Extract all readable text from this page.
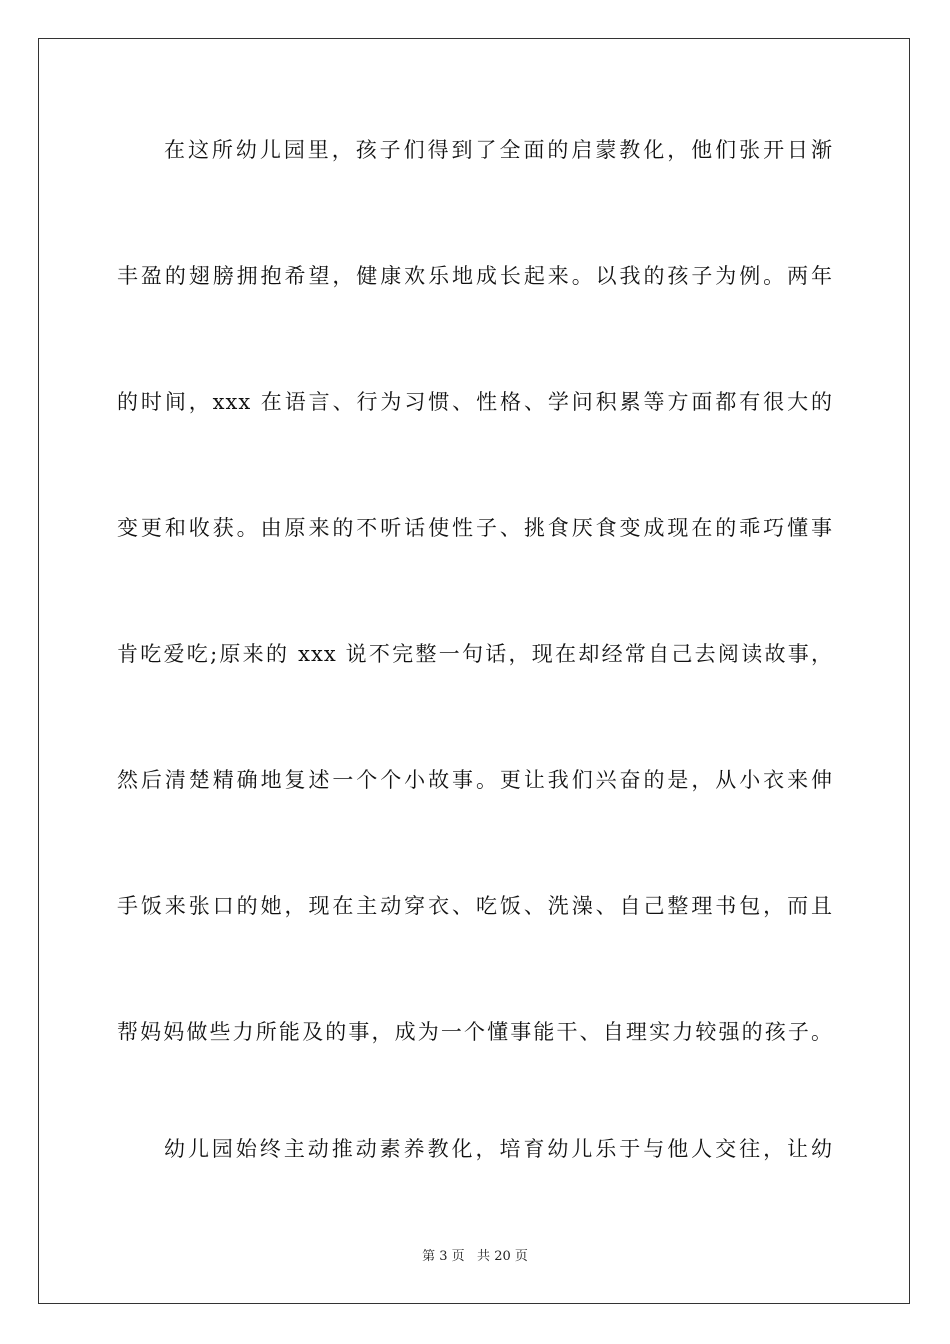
在这所幼儿园里，孩子们得到了全面的启蒙教化，他们张开日渐
丰盈的翅膀拥抱希望，健康欢乐地成长起来。以我的孩子为例。两年
的时间，xxx 在语言、行为习惯、性格、学问积累等方面都有很大的
变更和收获。由原来的不听话使性子、挑食厌食变成现在的乖巧懂事
肯吃爱吃;原来的 xxx 说不完整一句话，现在却经常自己去阅读故事，
然后清楚精确地复述一个个小故事。更让我们兴奋的是，从小衣来伸
手饭来张口的她，现在主动穿衣、吃饭、洗澡、自己整理书包，而且
帮妈妈做些力所能及的事，成为一个懂事能干、自理实力较强的孩子。
幼儿园始终主动推动素养教化，培育幼儿乐于与他人交往，让幼
第 3 页   共 20 页
